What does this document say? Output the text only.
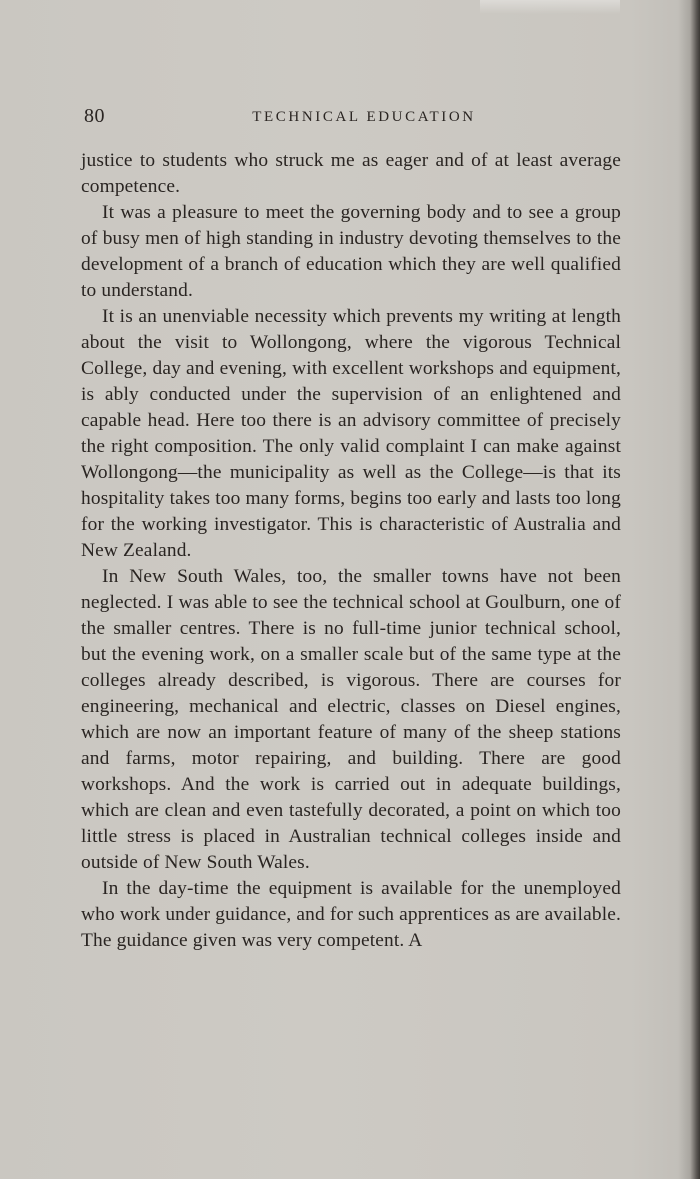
80	TECHNICAL EDUCATION

justice to students who struck me as eager and of at least average competence.

It was a pleasure to meet the governing body and to see a group of busy men of high standing in industry devoting themselves to the development of a branch of education which they are well qualified to understand.

It is an unenviable necessity which prevents my writing at length about the visit to Wollongong, where the vigorous Technical College, day and evening, with excellent workshops and equipment, is ably conducted under the supervision of an enlightened and capable head. Here too there is an advisory committee of precisely the right composition. The only valid complaint I can make against Wollongong—the municipality as well as the College—is that its hospitality takes too many forms, begins too early and lasts too long for the working investigator. This is characteristic of Australia and New Zealand.

In New South Wales, too, the smaller towns have not been neglected. I was able to see the technical school at Goulburn, one of the smaller centres. There is no full-time junior technical school, but the evening work, on a smaller scale but of the same type at the colleges already described, is vigorous. There are courses for engineering, mechanical and electric, classes on Diesel engines, which are now an important feature of many of the sheep stations and farms, motor repairing, and building. There are good workshops. And the work is carried out in adequate buildings, which are clean and even tastefully decorated, a point on which too little stress is placed in Australian technical colleges inside and outside of New South Wales.

In the day-time the equipment is available for the unemployed who work under guidance, and for such apprentices as are available. The guidance given was very competent. A
